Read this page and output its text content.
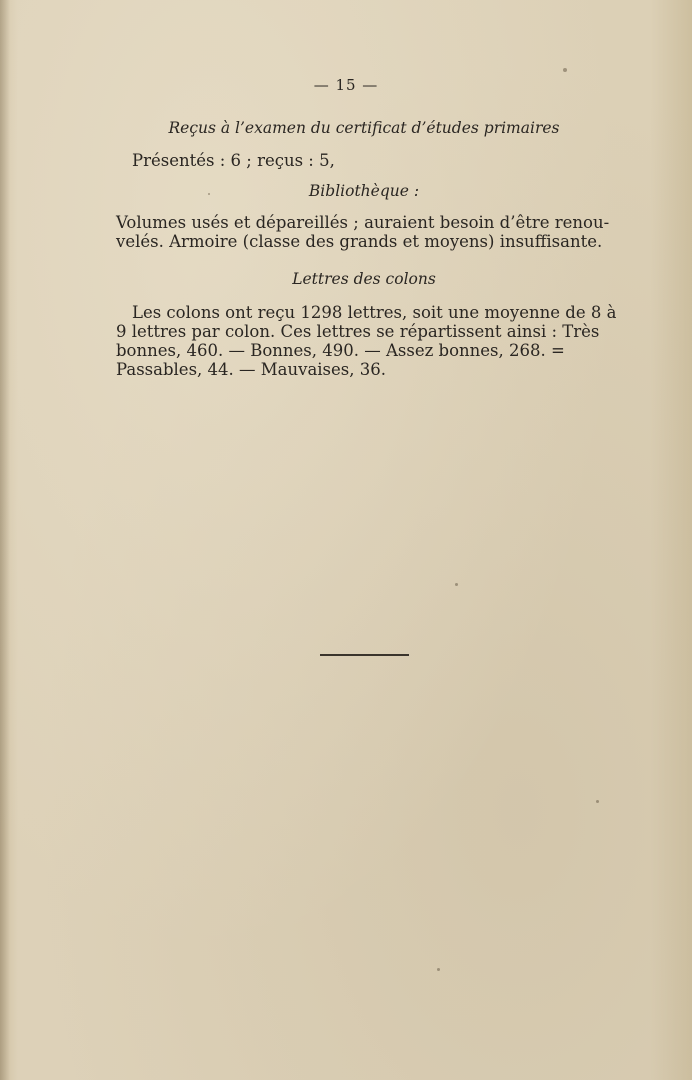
— 15 —
Reçus à l’examen du certificat d’études primaires
Présentés : 6 ; reçus : 5,
Bibliothèque :
Volumes usés et dépareillés ; auraient besoin d’être renou-
velés. Armoire (classe des grands et moyens) insuffisante.
Lettres des colons
Les colons ont reçu 1298 lettres, soit une moyenne de 8 à
9 lettres par colon. Ces lettres se répartissent ainsi : Très
bonnes, 460. — Bonnes, 490. — Assez bonnes, 268. =
Passables, 44. — Mauvaises, 36.
